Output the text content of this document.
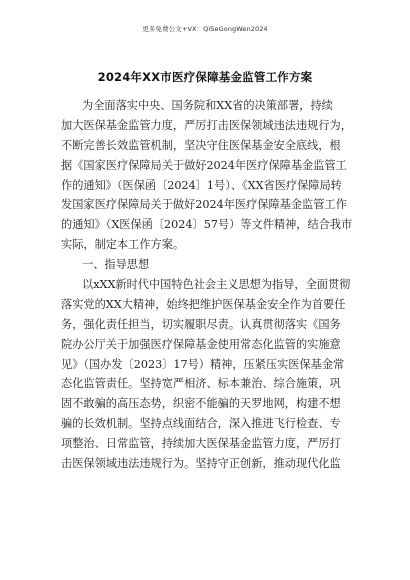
更多免费公文+VX：QiSeGongWen2024
2024年XX市医疗保障基金监管工作方案
为全面落实中央、国务院和XX省的决策部署，持续
加大医保基金监管力度，严厉打击医保领域违法违规行为，
不断完善长效监管机制，坚决守住医保基金安全底线，根
据《国家医疗保障局关于做好2024年医疗保障基金监管工
作的通知》（医保函〔2024〕1号）、《XX省医疗保障局转
发国家医疗保障局关于做好2024年医疗保障基金监管工作
的通知》（X医保函〔2024〕57号）等文件精神，结合我市
实际，制定本工作方案。
一、指导思想
以xXX新时代中国特色社会主义思想为指导，全面贯彻
落实党的XX大精神，始终把维护医保基金安全作为首要任
务，强化责任担当，切实履职尽责。认真贯彻落实《国务
院办公厅关于加强医疗保障基金使用常态化监管的实施意
见》（国办发〔2023〕17号）精神，压紧压实医保基金常
态化监管责任。坚持宽严相济、标本兼治、综合施策，巩
固不敢骗的高压态势，织密不能骗的天罗地网，构建不想
骗的长效机制。坚持点线面结合，深入推进飞行检查、专
项整治、日常监管，持续加大医保基金监管力度，严厉打
击医保领域违法违规行为。坚持守正创新，推动现代化监
